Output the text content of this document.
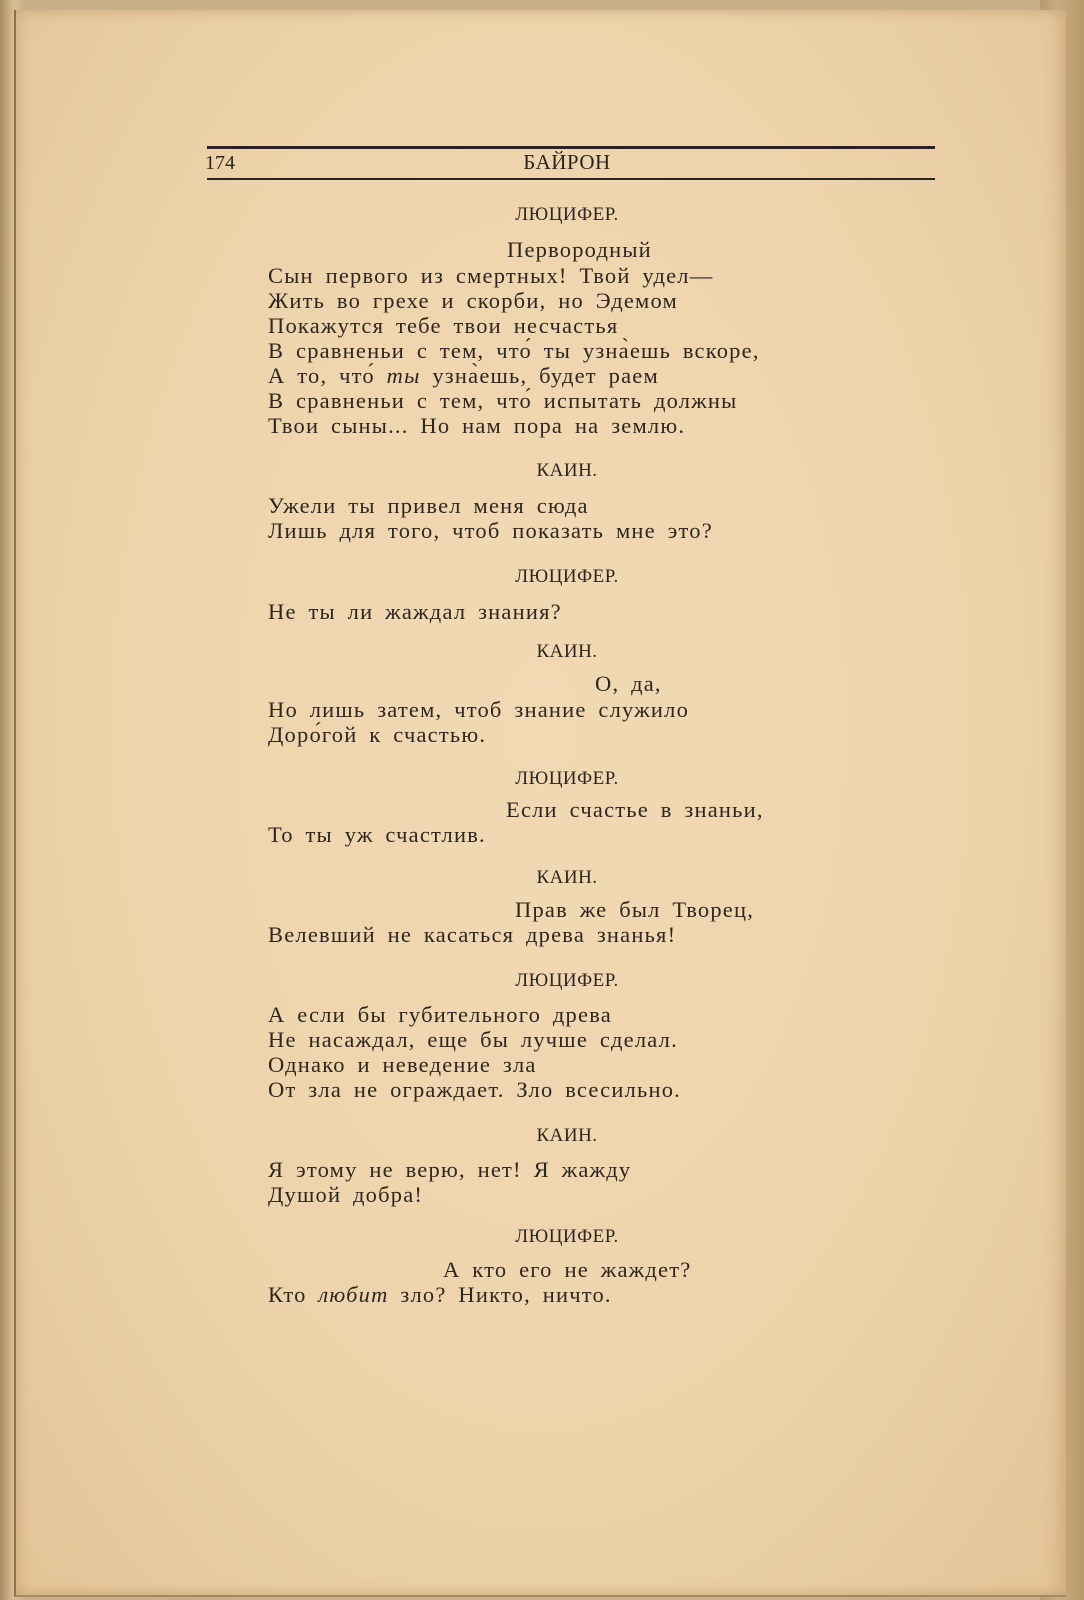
174	БАЙРОН
ЛЮЦИФЕР.
Первородный
Сын первого из смертных! Твой удел—
Жить во грехе и скорби, но Эдемом
Покажутся тебе твои несчастья
В сравненьи с тем, что́ ты узна̀ешь вскоре,
А то, что́ ты узна̀ешь, будет раем
В сравненьи с тем, что́ испытать должны
Твои сыны... Но нам пора на землю.
КАИН.
Ужели ты привел меня сюда
Лишь для того, чтоб показать мне это?
ЛЮЦИФЕР.
Не ты ли жаждал знания?
КАИН.
О, да,
Но лишь затем, чтоб знание служило
Доро́гой к счастью.
ЛЮЦИФЕР.
Если счастье в знаньи,
То ты уж счастлив.
КАИН.
Прав же был Творец,
Велевший не касаться древа знанья!
ЛЮЦИФЕР.
А если бы губительного древа
Не насаждал, еще бы лучше сделал.
Однако и неведение зла
От зла не ограждает. Зло всесильно.
КАИН.
Я этому не верю, нет! Я жажду
Душой добра!
ЛЮЦИФЕР.
А кто его не жаждет?
Кто любит зло? Никто, ничто.
